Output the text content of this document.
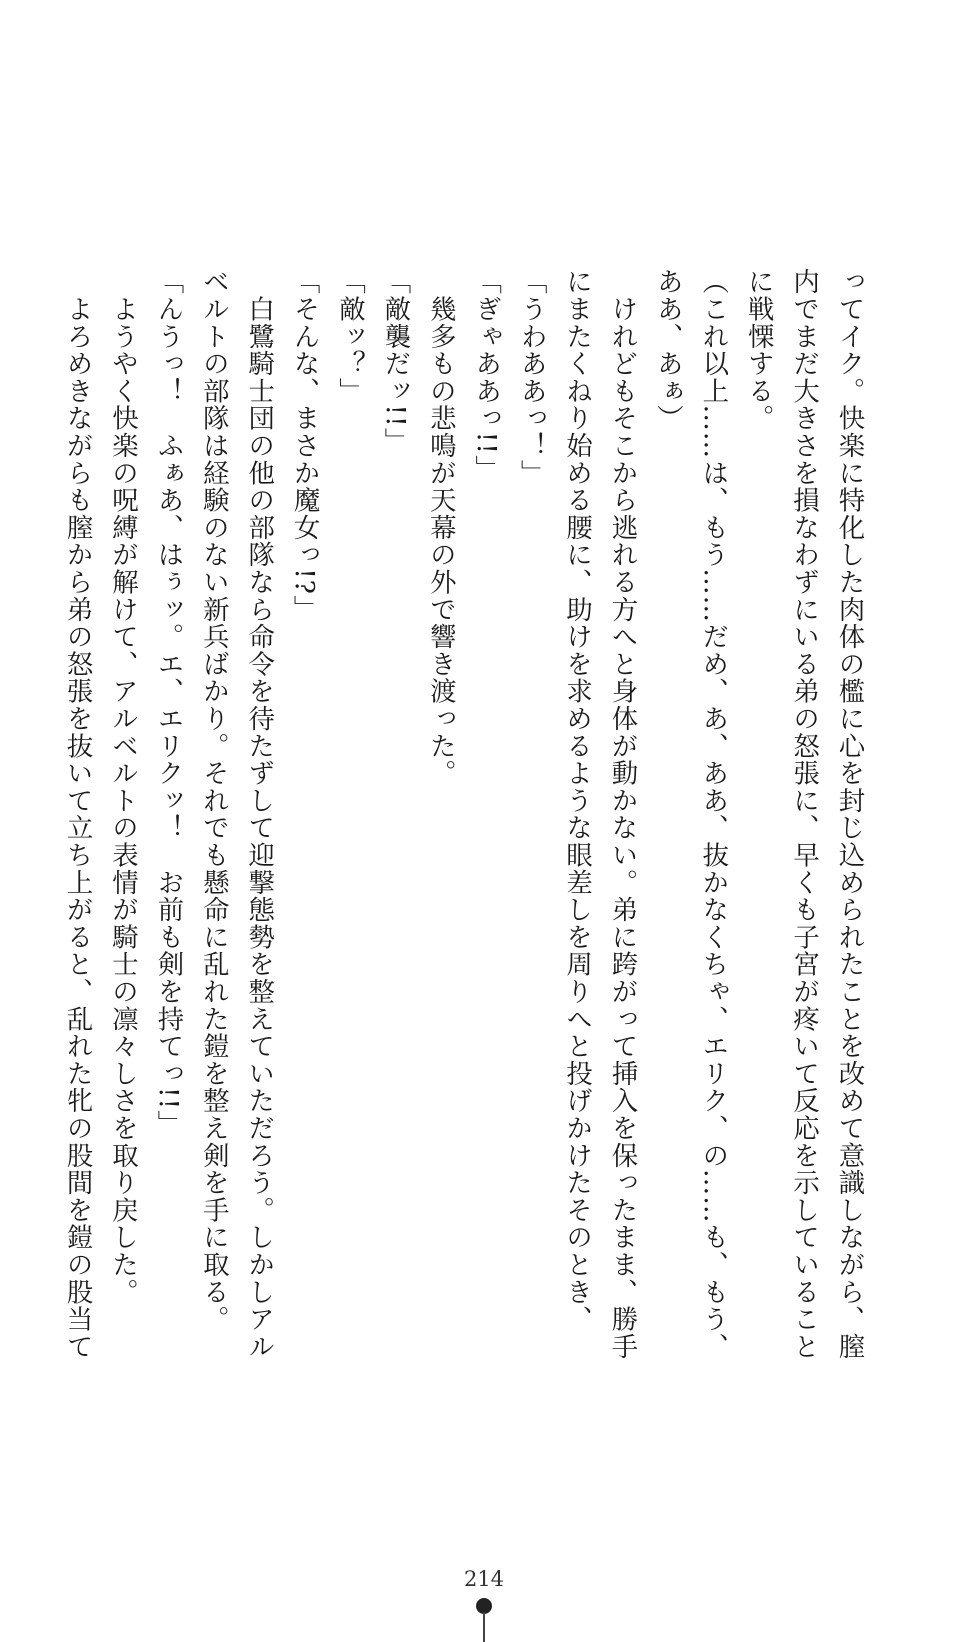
ってイク。快楽に特化した肉体の檻に心を封じ込められたことを改めて意識しながら、膣
内でまだ大きさを損なわずにいる弟の怒張に、早くも子宮が疼いて反応を示していること
に戦慄する。
（これ以上……は、もう……だめ、あ、ああ、抜かなくちゃ、エリク、の……も、もう、
ああ、あぁ）
　けれどもそこから逃れる方へと身体が動かない。弟に跨がって挿入を保ったまま、勝手
にまたくねり始める腰に、助けを求めるような眼差しを周りへと投げかけたそのとき、
「うわああっ！」
「ぎゃああっ!!」
　幾多もの悲鳴が天幕の外で響き渡った。
「敵襲だッ!!」
「敵ッ？」
「そんな、まさか魔女っ!?」
　白鷺騎士団の他の部隊なら命令を待たずして迎撃態勢を整えていただろう。しかしアル
ベルトの部隊は経験のない新兵ばかり。それでも懸命に乱れた鎧を整え剣を手に取る。
「んうっ！　ふぁあ、はぅッ。エ、エリクッ！　お前も剣を持てっ!!」
　ようやく快楽の呪縛が解けて、アルベルトの表情が騎士の凛々しさを取り戻した。
　よろめきながらも膣から弟の怒張を抜いて立ち上がると、乱れた牝の股間を鎧の股当て
214
